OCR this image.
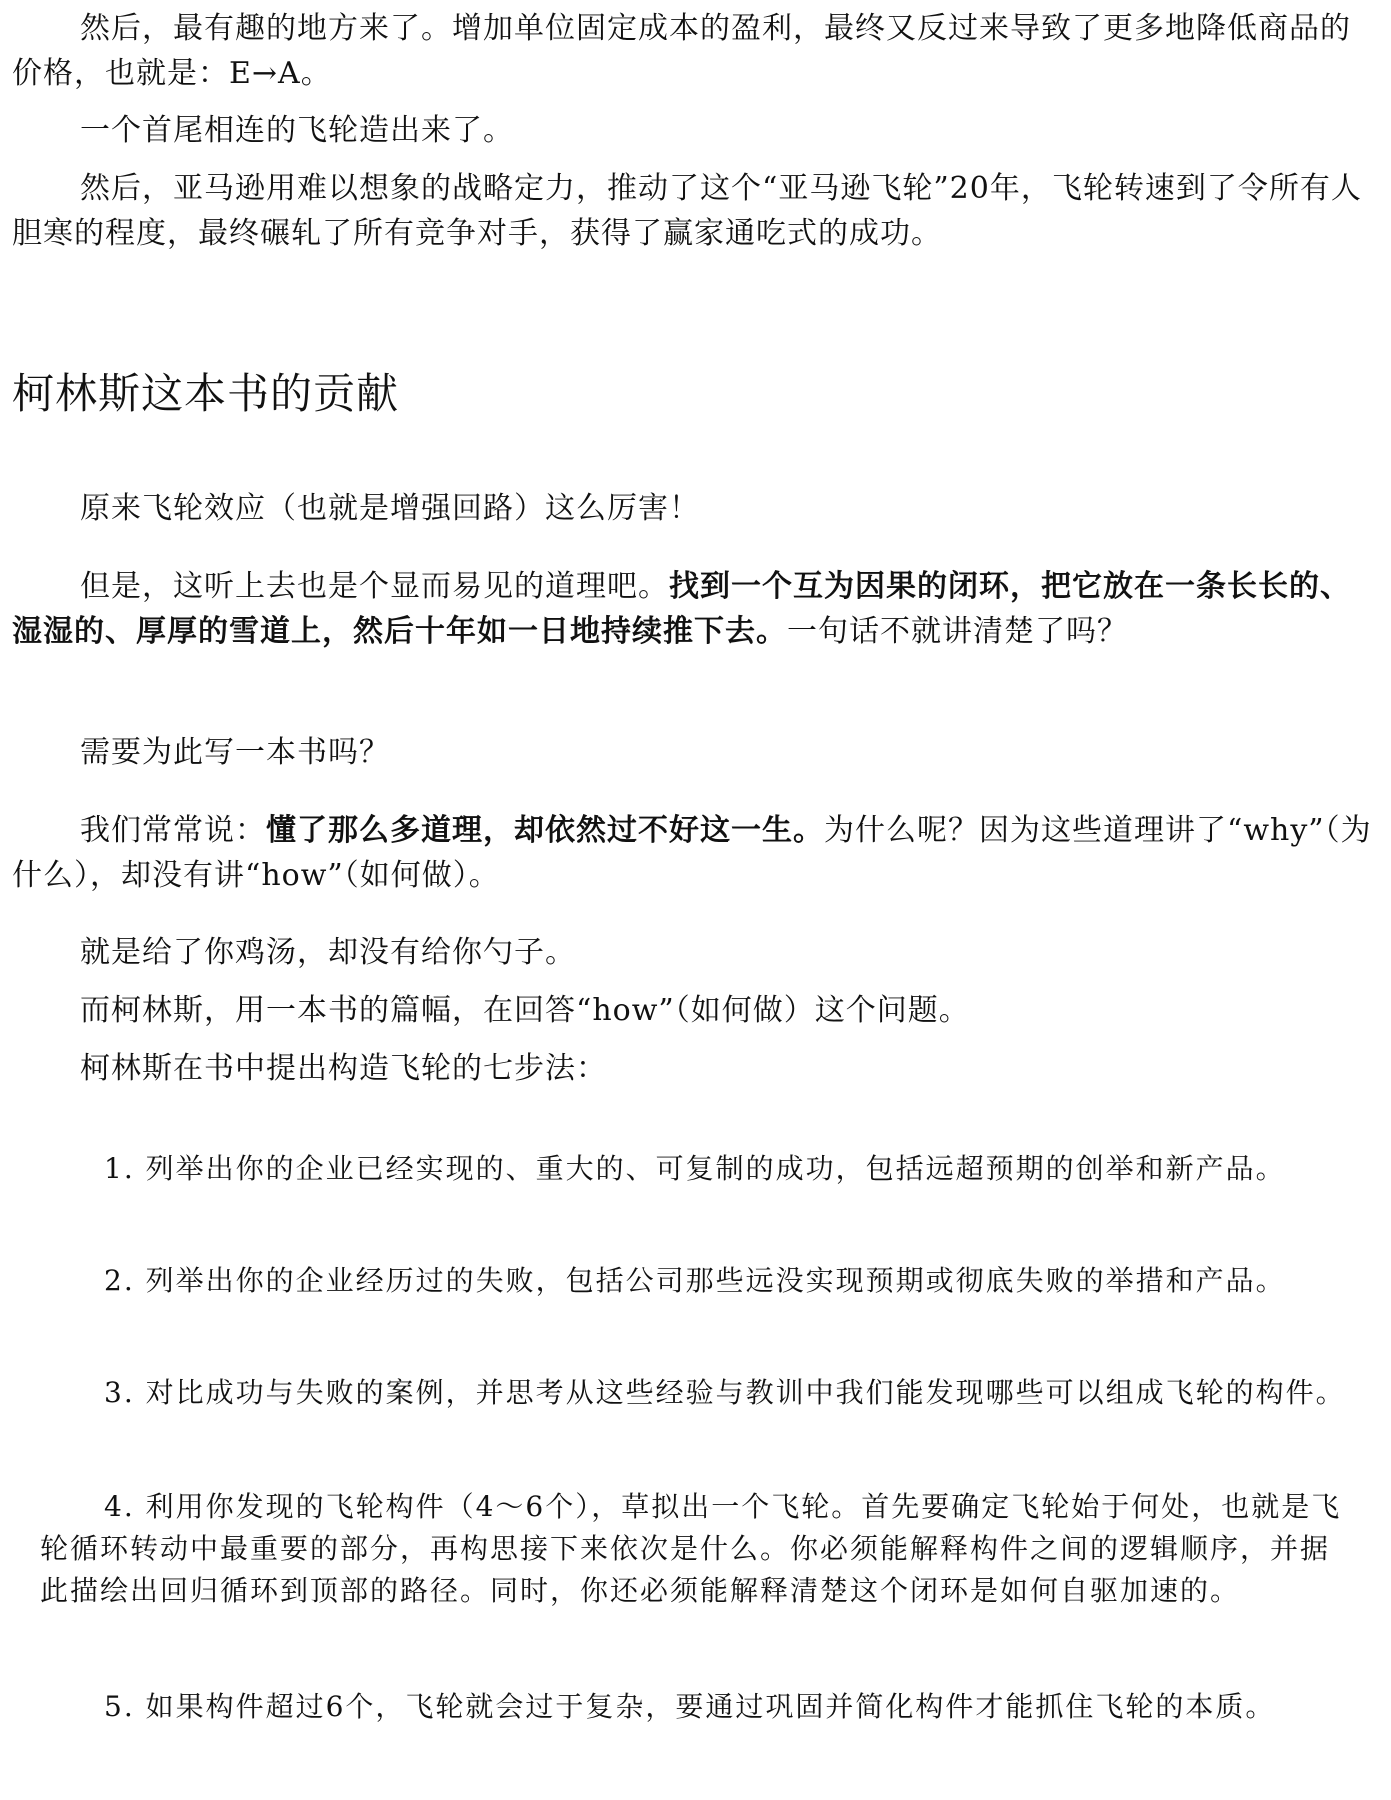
然后，最有趣的地方来了。增加单位固定成本的盈利，最终又反过来导致了更多地降低商品的价格，也就是：E→A。

一个首尾相连的飞轮造出来了。

然后，亚马逊用难以想象的战略定力，推动了这个“亚马逊飞轮”20年，飞轮转速到了令所有人胆寒的程度，最终碾轧了所有竞争对手，获得了赢家通吃式的成功。

柯林斯这本书的贡献

原来飞轮效应（也就是增强回路）这么厉害！

但是，这听上去也是个显而易见的道理吧。找到一个互为因果的闭环，把它放在一条长长的、湿湿的、厚厚的雪道上，然后十年如一日地持续推下去。一句话不就讲清楚了吗？

需要为此写一本书吗？

我们常常说：懂了那么多道理，却依然过不好这一生。为什么呢？因为这些道理讲了“why”（为什么），却没有讲“how”（如何做）。

就是给了你鸡汤，却没有给你勺子。

而柯林斯，用一本书的篇幅，在回答“how”（如何做）这个问题。

柯林斯在书中提出构造飞轮的七步法：

1. 列举出你的企业已经实现的、重大的、可复制的成功，包括远超预期的创举和新产品。

2. 列举出你的企业经历过的失败，包括公司那些远没实现预期或彻底失败的举措和产品。

3. 对比成功与失败的案例，并思考从这些经验与教训中我们能发现哪些可以组成飞轮的构件。

4. 利用你发现的飞轮构件（4～6个），草拟出一个飞轮。首先要确定飞轮始于何处，也就是飞轮循环转动中最重要的部分，再构思接下来依次是什么。你必须能解释构件之间的逻辑顺序，并据此描绘出回归循环到顶部的路径。同时，你还必须能解释清楚这个闭环是如何自驱加速的。

5. 如果构件超过6个，飞轮就会过于复杂，要通过巩固并简化构件才能抓住飞轮的本质。
